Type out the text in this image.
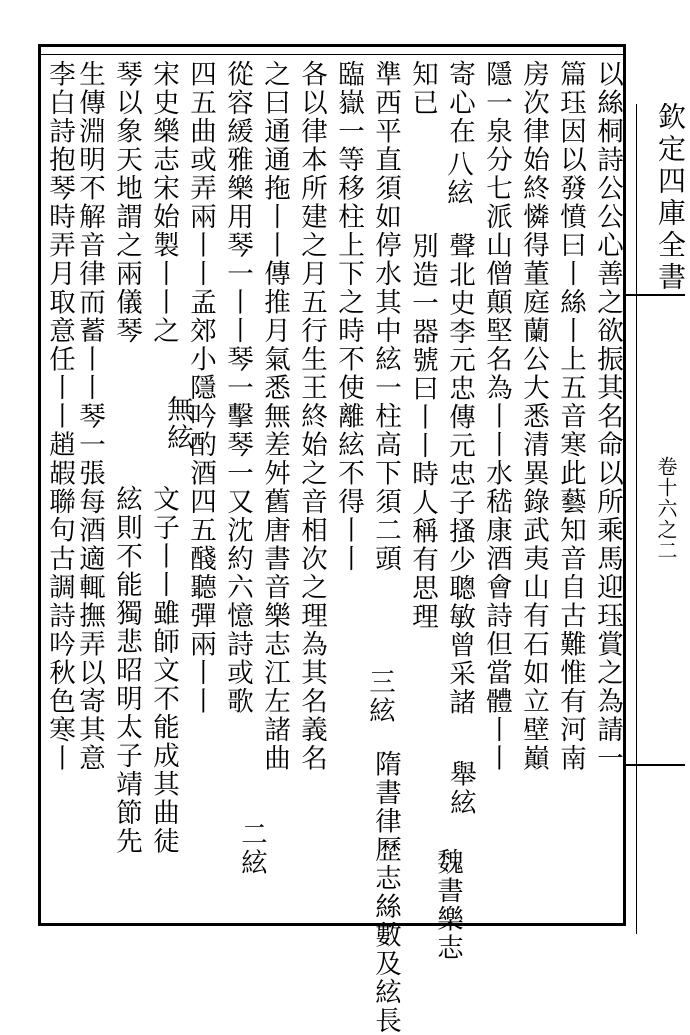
欽定四庫全書
卷十六之二
以絲桐詩公公心善之欲振其名命以所乘馬迎珏賞之為請一
篇珏因以發憤曰丨絲丨上五音寒此藝知音自古難惟有河南
房次律始終憐得董庭蘭公大悉清異錄武夷山有石如立壁巔
隱一泉分七派山僧顛堅名為丨丨水嵇康酒會詩但當體丨丨
寄心在
舉絃
魏書樂志
知已
八絃
聲北史李元忠傳元忠子搔少聰敏曾采諸
別造一器號曰丨丨時人稱有思理
準西平直須如停水其中絃一柱高下須二頭
臨嶽一等移柱上下之時不使離絃不得丨丨
三絃
隋書律歷志絲數及絃長
各以律本所建之月五行生王終始之音相次之理為其名義名
之曰通通拖丨丨傳推月氣悉無差舛舊唐書音樂志江左諸曲
從容緩雅樂用琴一丨丨琴一擊琴一又沈約六憶詩或歌
二絃
四五曲或弄兩丨丨孟郊小隱吟酌酒四五醆聽彈兩丨丨
宋史樂志宋始製丨丨之
無絃
文子丨丨雖師文不能成其曲徒
琴以象天地謂之兩儀琴
絃則不能獨悲昭明太子靖節先
生傳淵明不解音律而蓄丨丨琴一張每酒適輒撫弄以寄其意
李白詩抱琴時弄月取意任丨丨趙嘏聯句古調詩吟秋色寒丨
